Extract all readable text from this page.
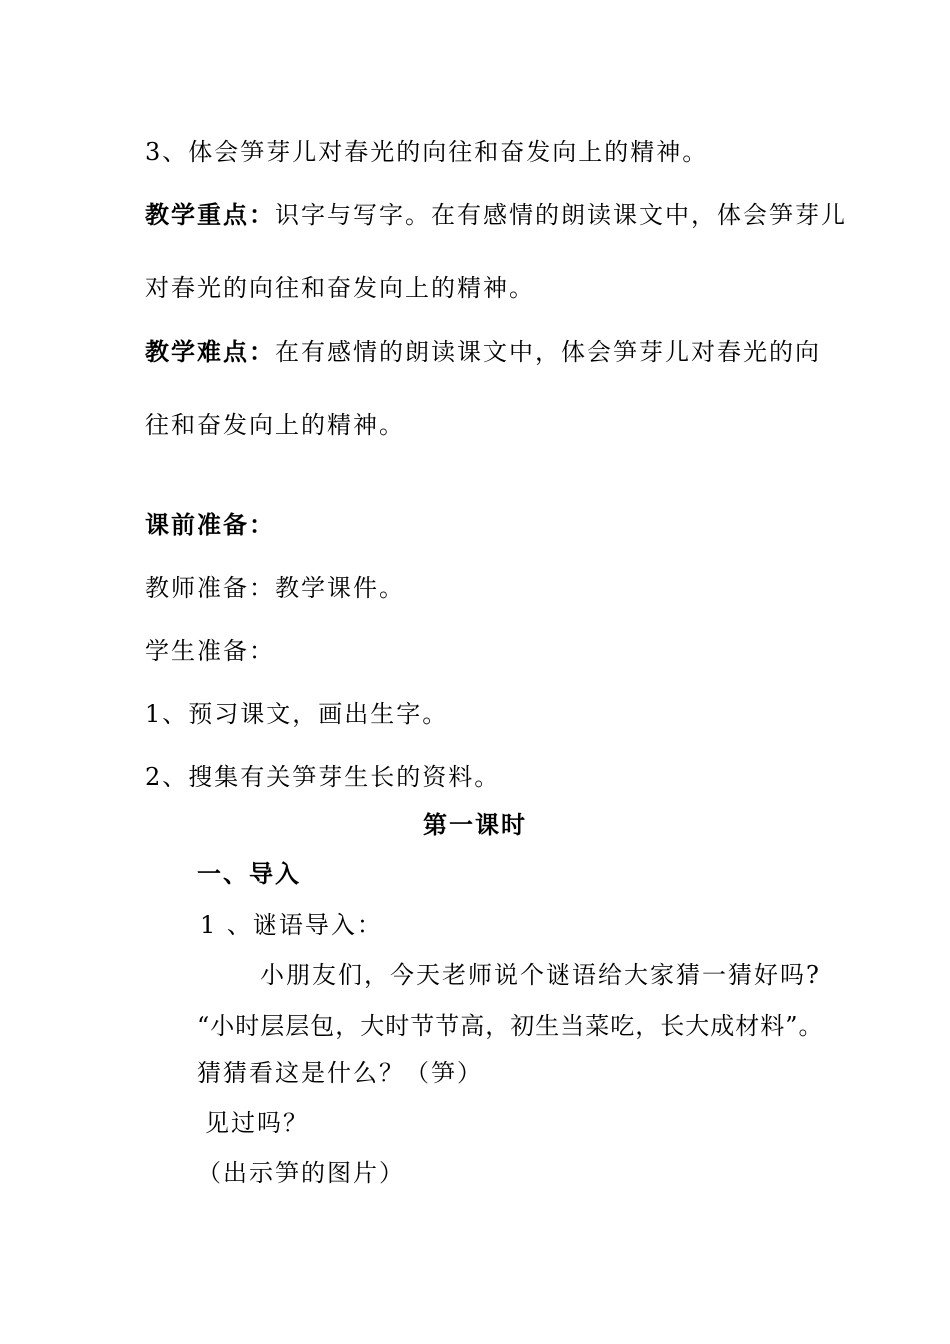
3、体会笋芽儿对春光的向往和奋发向上的精神。
教学重点：识字与写字。在有感情的朗读课文中，体会笋芽儿
对春光的向往和奋发向上的精神。
教学难点：在有感情的朗读课文中，体会笋芽儿对春光的向
往和奋发向上的精神。
课前准备：
教师准备：教学课件。
学生准备：
1、预习课文，画出生字。
2、搜集有关笋芽生长的资料。
第一课时
一、导入
1 、谜语导入：
小朋友们，今天老师说个谜语给大家猜一猜好吗?
“小时层层包，大时节节高，初生当菜吃，长大成材料”。
猜猜看这是什么？（笋）
见过吗？
（出示笋的图片）
